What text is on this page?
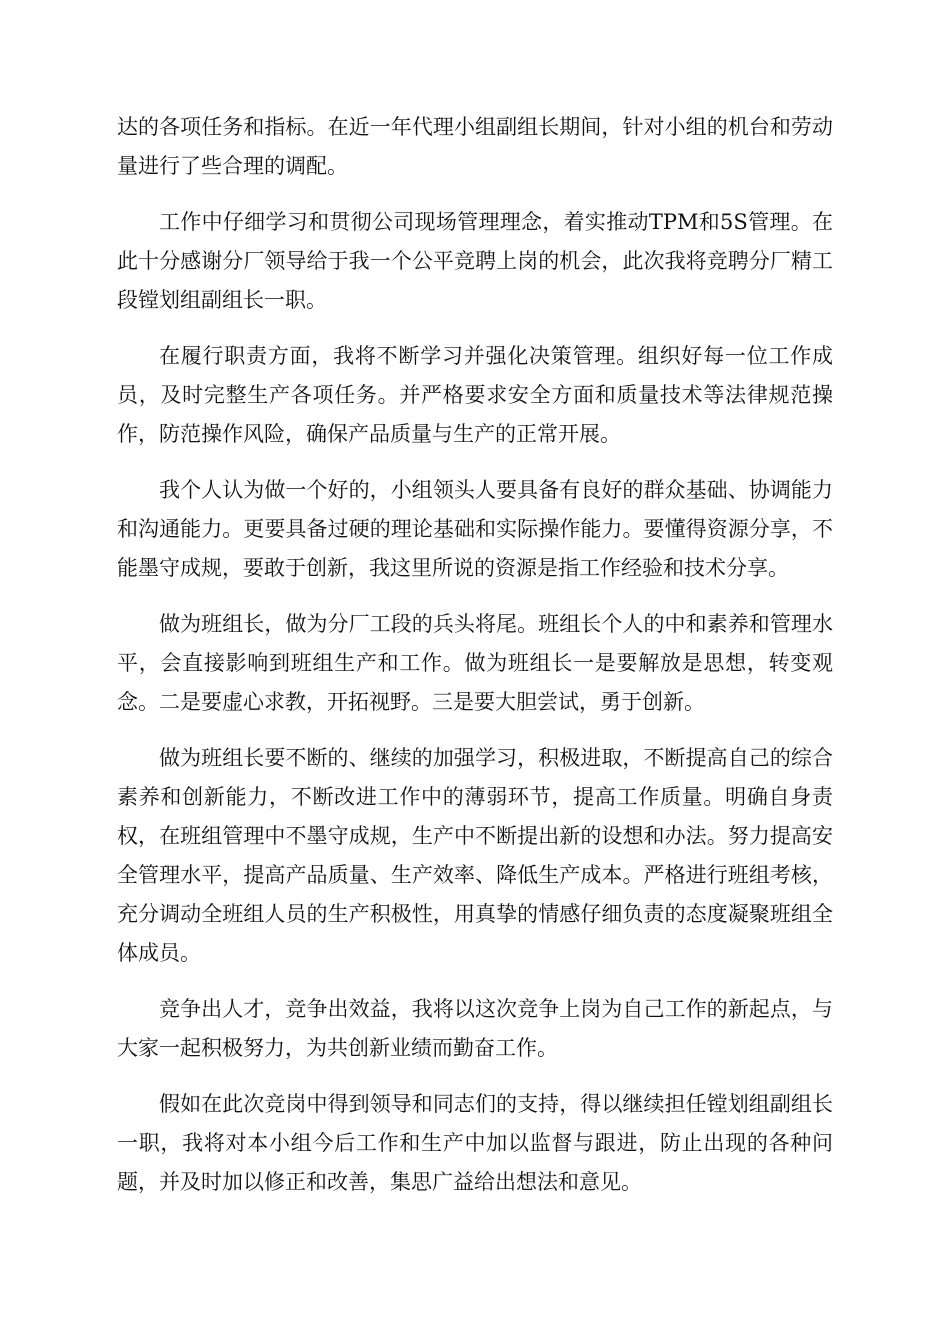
达的各项任务和指标。在近一年代理小组副组长期间，针对小组的机台和劳动量进行了些合理的调配。

工作中仔细学习和贯彻公司现场管理理念，着实推动TPM和5S管理。在此十分感谢分厂领导给于我一个公平竞聘上岗的机会，此次我将竞聘分厂精工段镗划组副组长一职。

在履行职责方面，我将不断学习并强化决策管理。组织好每一位工作成员，及时完整生产各项任务。并严格要求安全方面和质量技术等法律规范操作，防范操作风险，确保产品质量与生产的正常开展。

我个人认为做一个好的，小组领头人要具备有良好的群众基础、协调能力和沟通能力。更要具备过硬的理论基础和实际操作能力。要懂得资源分享，不能墨守成规，要敢于创新，我这里所说的资源是指工作经验和技术分享。

做为班组长，做为分厂工段的兵头将尾。班组长个人的中和素养和管理水平，会直接影响到班组生产和工作。做为班组长一是要解放是思想，转变观念。二是要虚心求教，开拓视野。三是要大胆尝试，勇于创新。

做为班组长要不断的、继续的加强学习，积极进取，不断提高自己的综合素养和创新能力，不断改进工作中的薄弱环节，提高工作质量。明确自身责权，在班组管理中不墨守成规，生产中不断提出新的设想和办法。努力提高安全管理水平，提高产品质量、生产效率、降低生产成本。严格进行班组考核，充分调动全班组人员的生产积极性，用真挚的情感仔细负责的态度凝聚班组全体成员。

竞争出人才，竞争出效益，我将以这次竞争上岗为自己工作的新起点，与大家一起积极努力，为共创新业绩而勤奋工作。

假如在此次竞岗中得到领导和同志们的支持，得以继续担任镗划组副组长一职，我将对本小组今后工作和生产中加以监督与跟进，防止出现的各种问题，并及时加以修正和改善，集思广益给出想法和意见。
